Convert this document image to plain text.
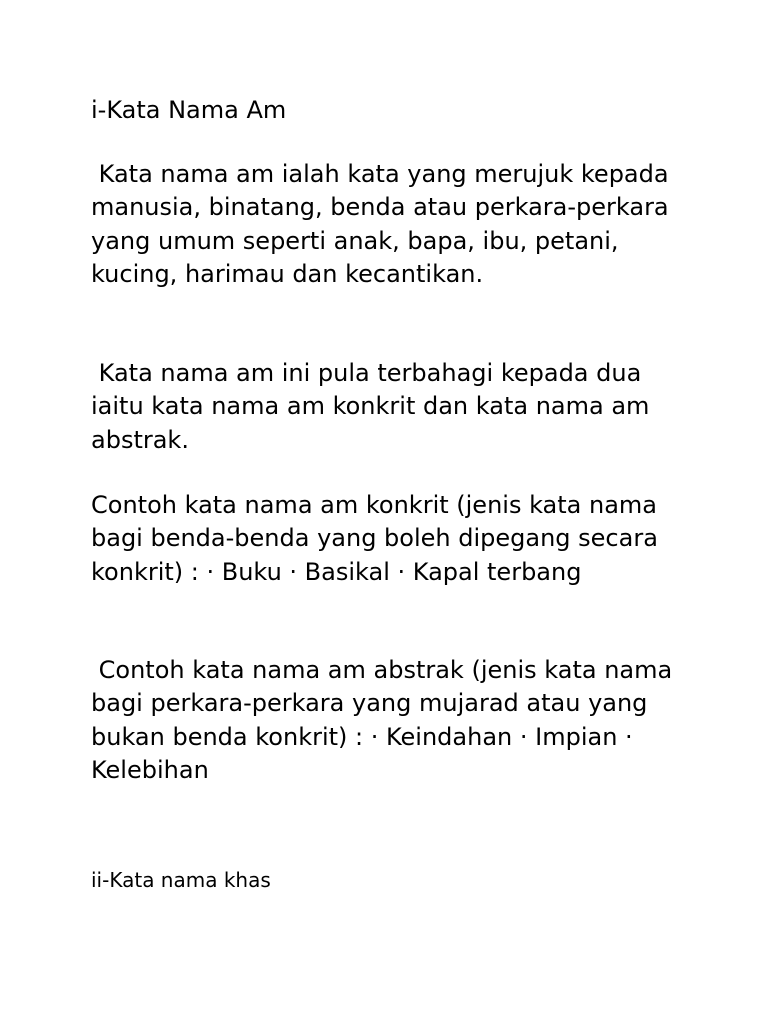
i-Kata Nama Am

Kata nama am ialah kata yang merujuk kepada manusia, binatang, benda atau perkara-perkara yang umum seperti anak, bapa, ibu, petani, kucing, harimau dan kecantikan.

Kata nama am ini pula terbahagi kepada dua iaitu kata nama am konkrit dan kata nama am abstrak.

Contoh kata nama am konkrit (jenis kata nama bagi benda-benda yang boleh dipegang secara konkrit) : · Buku · Basikal · Kapal terbang

Contoh kata nama am abstrak (jenis kata nama bagi perkara-perkara yang mujarad atau yang bukan benda konkrit) : · Keindahan · Impian · Kelebihan

ii-Kata nama khas
